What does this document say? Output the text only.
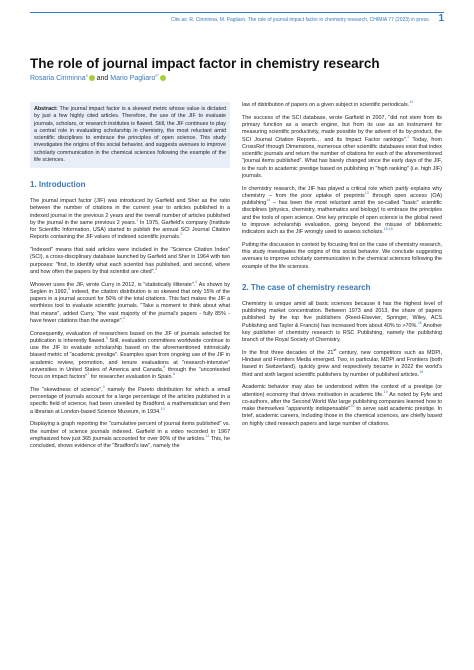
Cite as: R. Ciriminna, M. Pagliaro. The role of journal impact factor in chemistry research, CHIMIA 77 (2023) in press. 1
The role of journal impact factor in chemistry research
Rosaria Ciriminna$^a$ and Mario Pagliaro$^{a*}$
Abstract: The journal impact factor is a skewed metric whose value is dictated by just a few highly cited articles. Therefore, the use of the JIF to evaluate journals, scholars, or research institutes is flawed. Still, the JIF continues to play a central role in evaluating scholarship in chemistry, the most reluctant amid scientific disciplines to embrace the principles of open science. This study investigates the origins of this social behavior, and suggests avenues to improve scholarly communication in the chemical sciences following the example of the life sciences.
1. Introduction

The journal impact factor (JIF) was introduced by Garfield and Sher as the ratio between the number of citations in the current year to articles published in a indexed journal in the previous 2 years and the overall number of articles published by the journal in the same previous 2 years.$^1$ In 1975, Garfield's company (Institute for Scientific Information, USA) started to publish the annual SCI Journal Citation Reports containing the JIF values of indexed scientific journals.$^2$

"Indexed" means that said articles were included in the "Science Citation Index" (SCI), a cross-disciplinary database launched by Garfield and Sher in 1964 with two purposes: "first, to identify what each scientist has published, and second, where and how often the papers by that scientist are cited".$^3$

Whoever uses the JIF, wrote Curry in 2012, is "statistically illiterate".$^4$ As shown by Seglen in 1992,$^5$ indeed, the citation distribution is so skewed that only 15% of the papers in a journal account for 50% of the total citations. This fact makes the JIF a worthless tool to evaluate scientific journals. "Take a moment to think about what that means", added Curry, "the vast majority of the journal's papers - fully 85% - have fewer citations than the average".$^4$

Consequently, evaluation of researchers based on the JIF of journals selected for publication is inherently flawed.$^5$ Still, evaluation committees worldwide continue to use the JIF to evaluate scholarship based on the aforementioned intrinsically biased metric of "academic prestige". Examples span from ongoing use of the JIF in academic review, promotion, and tenure evaluations at "research-intensive" universities in United States of America and Canada,$^6$ through the "uncontested focus on impact factors"$^7$ for researcher evaluation in Spain.$^8$

The "skewdness of science",$^9$ namely the Pareto distribution for which a small percentage of journals account for a large percentage of the articles published in a specific field of science, had been unveiled by Bradford, a mathematician and then a librarian at London-based Science Museum, in 1934.10

Displaying a graph reporting the "cumulative percent of journal items published" vs. the number of science journals indexed, Garfield in a video recorded in 1967 emphasized how just 365 journals accounted for over 90% of the articles.$^{11}$ This, he concluded, shows evidence of the "Bradford's law", namely the

law of distribution of papers on a given subject in scientific periodicals.$^{12}$

The success of the SCI database, wrote Garfield in 2007, "did not stem from its primary function as a search engine, but from its use as an instrument for measuring scientific productivity, made possible by the advent of its by-product, the SCI Journal Citation Reports… and its Impact Factor rankings".$^2$ Today, from CrossRef through Dimensions, numerous other scientific databases exist that index scientific journals and return the number of citations for each of the aforementioned "journal items published". What has barely changed since the early days of the JIF, is the rush to academic prestige based on publishing in "high ranking" (i.e. high JIF) journals.

In chemistry research, the JIF has played a critical role which partly explains why chemistry – from the poor uptake of preprints$^{13}$ through open access (OA) publishing$^{14}$ – has been the most reluctant amid the so-called "basic" scientific disciplines (physics, chemistry, mathematics and biology) to embrace the principles and the tools of open science. One key principle of open science is the global need to improve scholarship evaluation, going beyond the misuse of bibliometric indicators such as the JIF wrongly used to assess scholars.$^{15,16}$

Putting the discussion in context by focusing first on the case of chemistry research, this study investigates the origins of this social behavior. We conclude suggesting avenues to improve scholarly communication in the chemical sciences following the example of the life sciences.

2. The case of chemistry research

Chemistry is unique amid all basic sciences because it has the highest level of publishing market concentration. Between 1973 and 2013, the share of papers published by the top five publishers (Reed-Elsevier, Springer, Wiley, ACS Publishing and Taylor & Francis) has increased from about 40% to >70%.$^{16}$ Another key publisher of chemistry research is RSC Publishing, namely the publishing branch of the Royal Society of Chemistry.

In the first three decades of the 21st century, new competitors such as MDPI, Hindawi and Frontiers Media emerged. Two, in particular, MDPI and Frontiers (both based in Switzerland), quickly grew and respectively became in 2022 the world's third and sixth largest scientific publishers by number of published articles.$^{18}$

Academic behavior may also be understood within the context of a prestige (or attention) economy that drives motivation in academic life.$^{19}$ As noted by Fyfe and co-authors, after the Second World War large publishing companies learned how to make themselves "apparently indispensable"$^{20}$ to serve said academic prestige. In brief, academic careers, including those in the chemical sciences, are chiefly based on highly cited research papers and large number of citations.
